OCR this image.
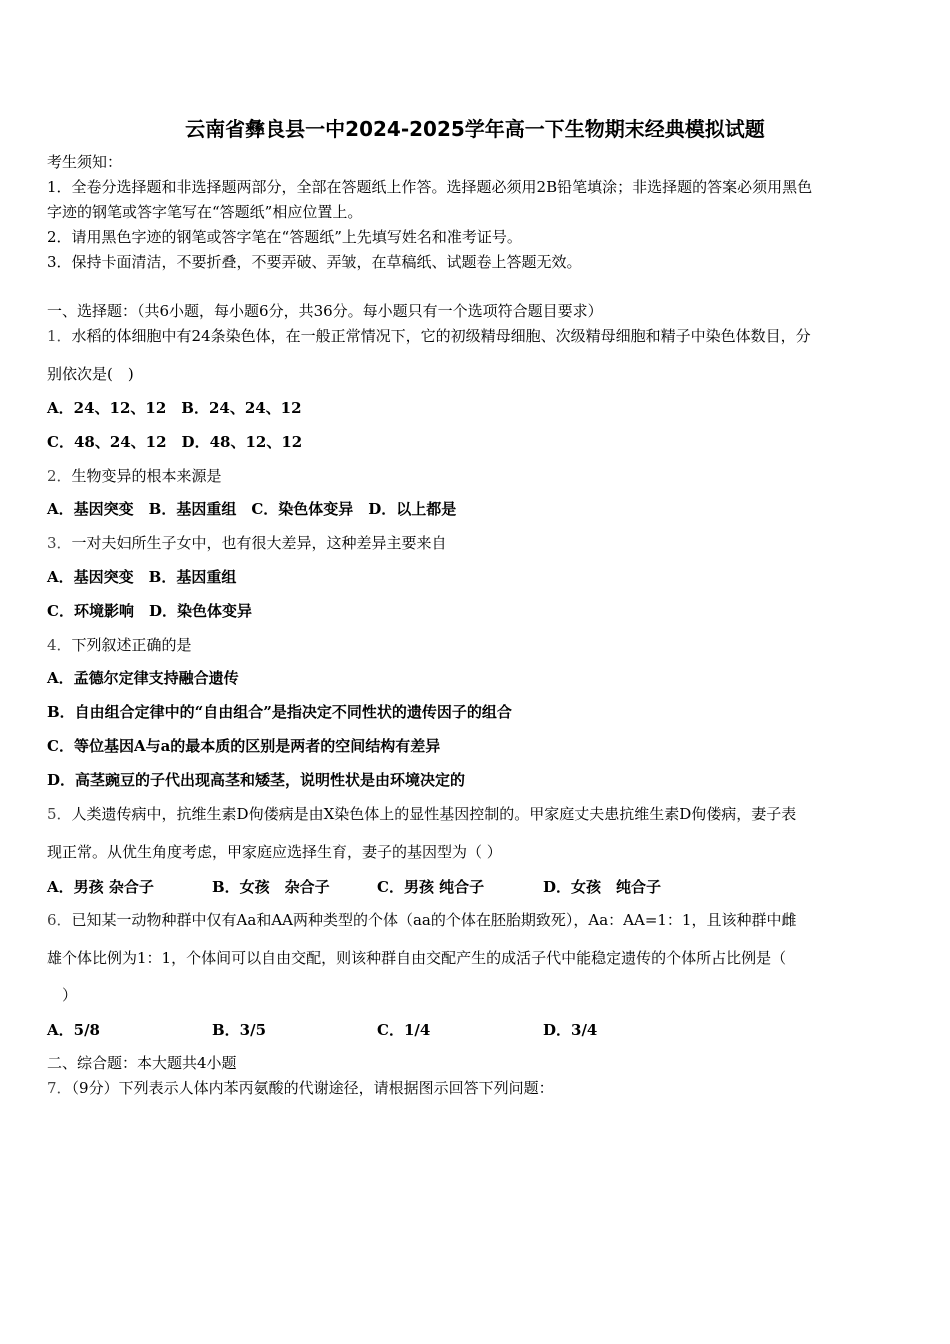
云南省彝良县一中2024-2025学年高一下生物期末经典模拟试题
考生须知：
1．全卷分选择题和非选择题两部分，全部在答题纸上作答。选择题必须用2B铅笔填涂；非选择题的答案必须用黑色
字迹的钢笔或答字笔写在“答题纸”相应位置上。
2．请用黑色字迹的钢笔或答字笔在“答题纸”上先填写姓名和准考证号。
3．保持卡面清洁，不要折叠，不要弄破、弄皱，在草稿纸、试题卷上答题无效。
一、选择题：（共6小题，每小题6分，共36分。每小题只有一个选项符合题目要求）
1．水稻的体细胞中有24条染色体，在一般正常情况下，它的初级精母细胞、次级精母细胞和精子中染色体数目，分
别依次是(　)
A．24、12、12　B．24、24、12
C．48、24、12　D．48、12、12
2．生物变异的根本来源是
A．基因突变　B．基因重组　C．染色体变异　D．以上都是
3．一对夫妇所生子女中，也有很大差异，这种差异主要来自
A．基因突变　B．基因重组
C．环境影响　D．染色体变异
4．下列叙述正确的是
A．孟德尔定律支持融合遗传
B．自由组合定律中的“自由组合”是指决定不同性状的遗传因子的组合
C．等位基因A与a的最本质的区别是两者的空间结构有差异
D．高茎豌豆的子代出现高茎和矮茎，说明性状是由环境决定的
5．人类遗传病中，抗维生素D佝偻病是由X染色体上的显性基因控制的。甲家庭丈夫患抗维生素D佝偻病，妻子表
现正常。从优生角度考虑，甲家庭应选择生育，妻子的基因型为（ ）
A．男孩 杂合子	B．女孩　杂合子	C．男孩 纯合子	D．女孩　纯合子
6．已知某一动物种群中仅有Aa和AA两种类型的个体（aa的个体在胚胎期致死），Aa：AA=1：1，且该种群中雌
雄个体比例为1：1，个体间可以自由交配，则该种群自由交配产生的成活子代中能稳定遗传的个体所占比例是（
）
A．5/8	B．3/5	C．1/4	D．3/4
二、综合题：本大题共4小题
7．（9分）下列表示人体内苯丙氨酸的代谢途径，请根据图示回答下列问题：
